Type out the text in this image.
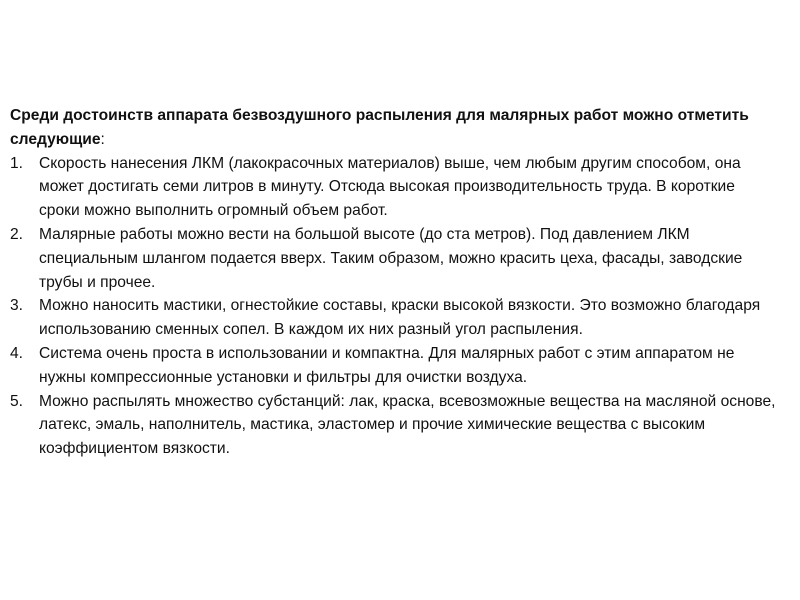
Среди достоинств аппарата безвоздушного распыления для малярных работ можно отметить следующие:

1.	Скорость нанесения ЛКМ (лакокрасочных материалов) выше, чем любым другим способом, она может достигать семи литров в минуту. Отсюда высокая производительность труда. В короткие сроки можно выполнить огромный объем работ.
2.	Малярные работы можно вести на большой высоте (до ста метров). Под давлением ЛКМ специальным шлангом подается вверх. Таким образом, можно красить цеха, фасады, заводские трубы и прочее.
3.	Можно наносить мастики, огнестойкие составы, краски высокой вязкости. Это возможно благодаря использованию сменных сопел. В каждом их них разный угол распыления.
4.	Система очень проста в использовании и компактна. Для малярных работ с этим аппаратом не нужны компрессионные установки и фильтры для очистки воздуха.
5.	Можно распылять множество субстанций: лак, краска, всевозможные вещества на масляной основе, латекс, эмаль, наполнитель, мастика, эластомер и прочие химические вещества с высоким коэффициентом вязкости.
